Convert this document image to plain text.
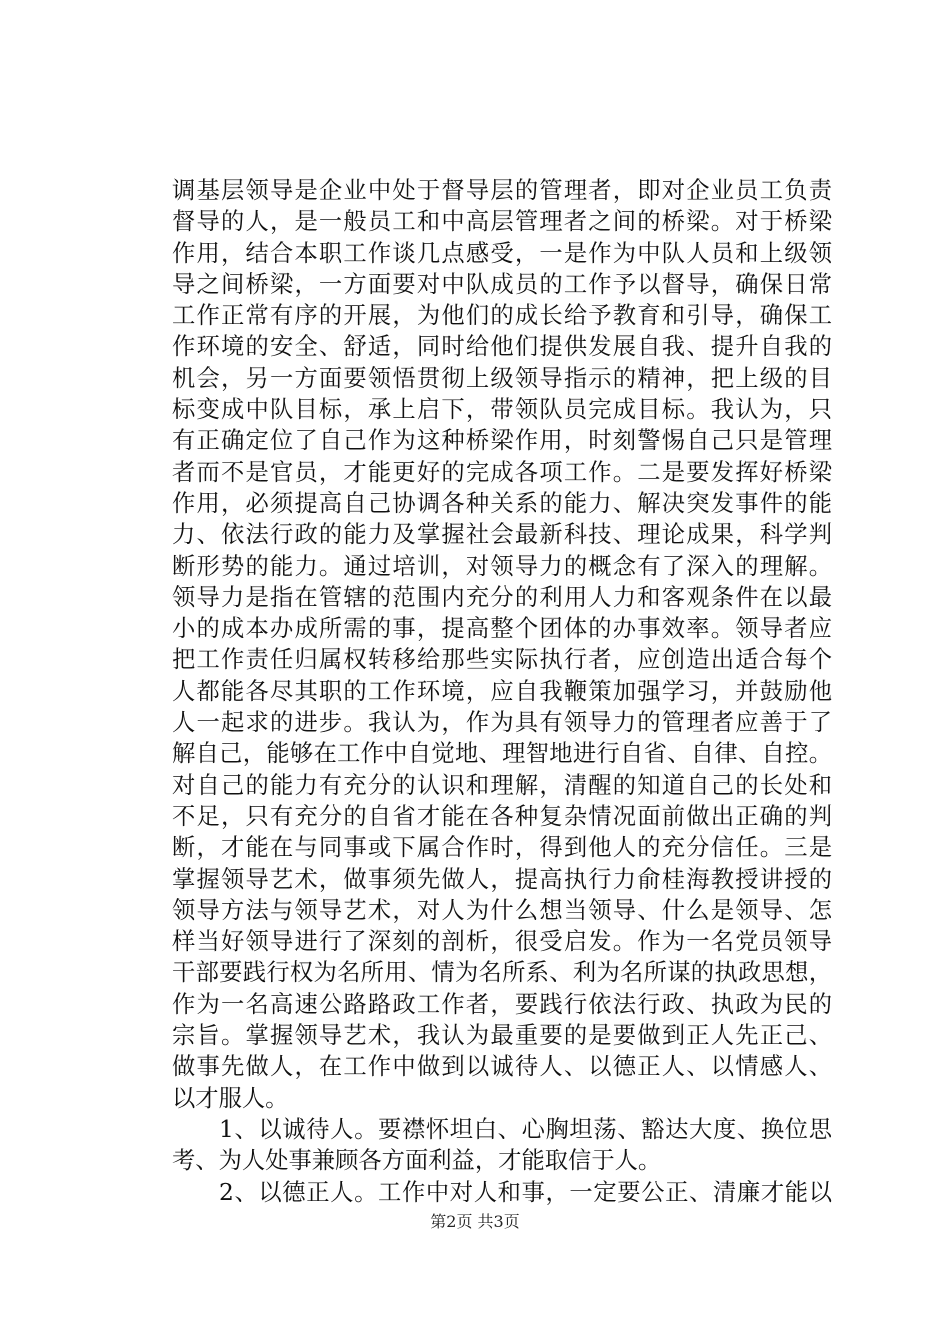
调基层领导是企业中处于督导层的管理者，即对企业员工负责
督导的人，是一般员工和中高层管理者之间的桥梁。对于桥梁
作用，结合本职工作谈几点感受，一是作为中队人员和上级领
导之间桥梁，一方面要对中队成员的工作予以督导，确保日常
工作正常有序的开展，为他们的成长给予教育和引导，确保工
作环境的安全、舒适，同时给他们提供发展自我、提升自我的
机会，另一方面要领悟贯彻上级领导指示的精神，把上级的目
标变成中队目标，承上启下，带领队员完成目标。我认为，只
有正确定位了自己作为这种桥梁作用，时刻警惕自己只是管理
者而不是官员，才能更好的完成各项工作。二是要发挥好桥梁
作用，必须提高自己协调各种关系的能力、解决突发事件的能
力、依法行政的能力及掌握社会最新科技、理论成果，科学判
断形势的能力。通过培训，对领导力的概念有了深入的理解。
领导力是指在管辖的范围内充分的利用人力和客观条件在以最
小的成本办成所需的事，提高整个团体的办事效率。领导者应
把工作责任归属权转移给那些实际执行者，应创造出适合每个
人都能各尽其职的工作环境，应自我鞭策加强学习，并鼓励他
人一起求的进步。我认为，作为具有领导力的管理者应善于了
解自己，能够在工作中自觉地、理智地进行自省、自律、自控。
对自己的能力有充分的认识和理解，清醒的知道自己的长处和
不足，只有充分的自省才能在各种复杂情况面前做出正确的判
断，才能在与同事或下属合作时，得到他人的充分信任。三是
掌握领导艺术，做事须先做人，提高执行力俞桂海教授讲授的
领导方法与领导艺术，对人为什么想当领导、什么是领导、怎
样当好领导进行了深刻的剖析，很受启发。作为一名党员领导
干部要践行权为名所用、情为名所系、利为名所谋的执政思想，
作为一名高速公路路政工作者，要践行依法行政、执政为民的
宗旨。掌握领导艺术，我认为最重要的是要做到正人先正己、
做事先做人，在工作中做到以诚待人、以德正人、以情感人、
以才服人。
1、以诚待人。要襟怀坦白、心胸坦荡、豁达大度、换位思
考、为人处事兼顾各方面利益，才能取信于人。
2、以德正人。工作中对人和事，一定要公正、清廉才能以
第2页 共3页
